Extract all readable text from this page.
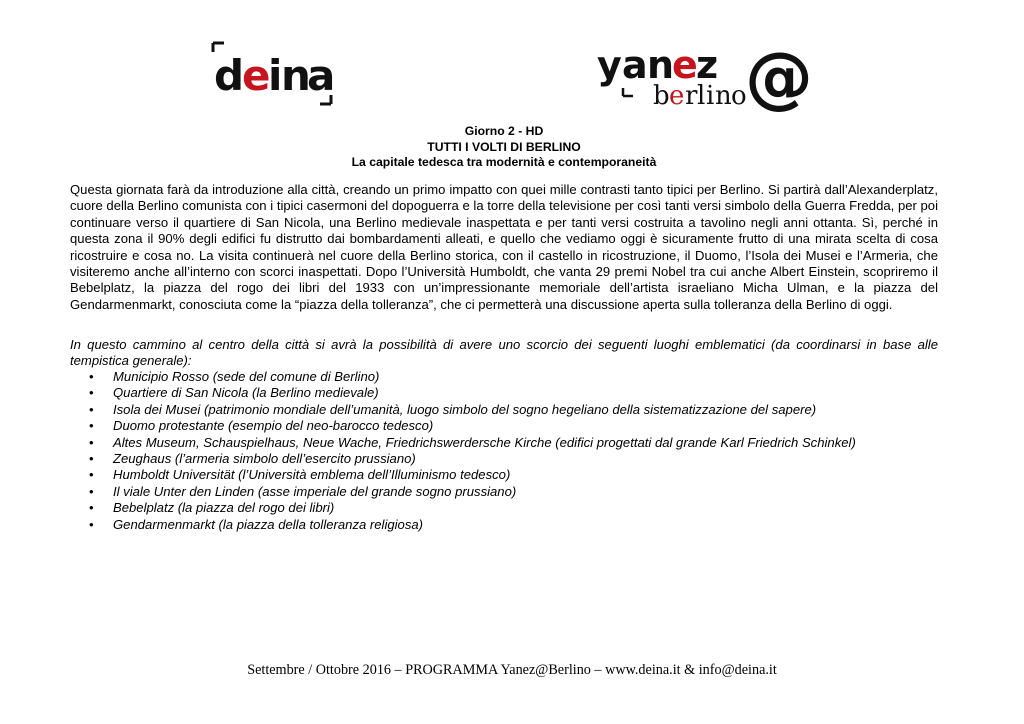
d e i n a	y a n e z
b e r l i n o
@
Giorno 2 - HD
TUTTI I VOLTI DI BERLINO
La capitale tedesca tra modernità e contemporaneità
Questa giornata farà da introduzione alla città, creando un primo impatto con quei mille contrasti tanto tipici per Berlino. Si partirà dall’Alexanderplatz, cuore della Berlino comunista con i tipici casermoni del dopoguerra e la torre della televisione per così tanti versi simbolo della Guerra Fredda, per poi continuare verso il quartiere di San Nicola, una Berlino medievale inaspettata e per tanti versi costruita a tavolino negli anni ottanta. Sì, perché in questa zona il 90% degli edifici fu distrutto dai bombardamenti alleati, e quello che vediamo oggi è sicuramente frutto di una mirata scelta di cosa ricostruire e cosa no. La visita continuerà nel cuore della Berlino storica, con il castello in ricostruzione, il Duomo, l’Isola dei Musei e l’Armeria, che visiteremo anche all’interno con scorci inaspettati. Dopo l’Università Humboldt, che vanta 29 premi Nobel tra cui anche Albert Einstein, scopriremo il Bebelplatz, la piazza del rogo dei libri del 1933 con un’impressionante memoriale dell’artista israeliano Micha Ulman, e la piazza del Gendarmenmarkt, conosciuta come la “piazza della tolleranza”, che ci permetterà una discussione aperta sulla tolleranza della Berlino di oggi.
In questo cammino al centro della città si avrà la possibilità di avere uno scorcio dei seguenti luoghi emblematici (da coordinarsi in base alle tempistica generale):
• Municipio Rosso (sede del comune di Berlino)
• Quartiere di San Nicola (la Berlino medievale)
• Isola dei Musei (patrimonio mondiale dell’umanità, luogo simbolo del sogno hegeliano della sistematizzazione del sapere)
• Duomo protestante (esempio del neo-barocco tedesco)
• Altes Museum, Schauspielhaus, Neue Wache, Friedrichswerdersche Kirche (edifici progettati dal grande Karl Friedrich Schinkel)
• Zeughaus (l’armeria simbolo dell’esercito prussiano)
• Humboldt Universität (l’Università emblema dell’Illuminismo tedesco)
• Il viale Unter den Linden (asse imperiale del grande sogno prussiano)
• Bebelplatz (la piazza del rogo dei libri)
• Gendarmenmarkt (la piazza della tolleranza religiosa)
Settembre / Ottobre 2016 – PROGRAMMA Yanez@Berlino – www.deina.it & info@deina.it
